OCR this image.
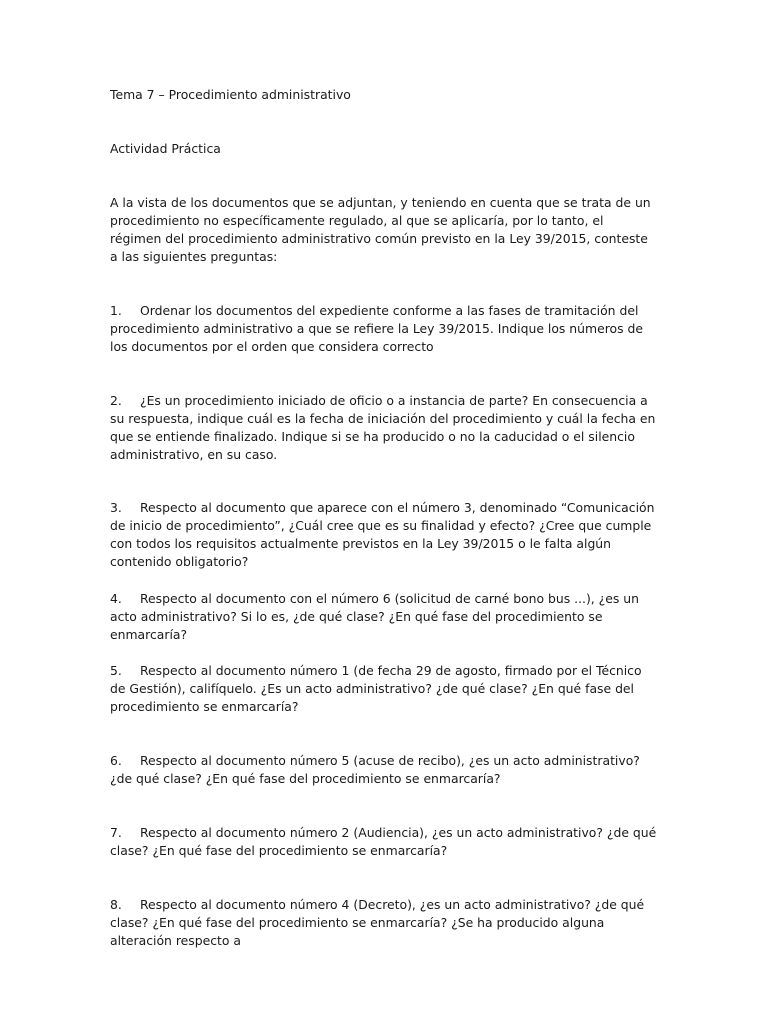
Tema 7 – Procedimiento administrativo
Actividad Práctica

A la vista de los documentos que se adjuntan, y teniendo en cuenta que se trata de un procedimiento no específicamente regulado, al que se aplicaría, por lo tanto, el régimen del procedimiento administrativo común previsto en la Ley 39/2015, conteste a las siguientes preguntas:

1. Ordenar los documentos del expediente conforme a las fases de tramitación del procedimiento administrativo a que se refiere la Ley 39/2015. Indique los números de los documentos por el orden que considera correcto

2. ¿Es un procedimiento iniciado de oficio o a instancia de parte? En consecuencia a su respuesta, indique cuál es la fecha de iniciación del procedimiento y cuál la fecha en que se entiende finalizado. Indique si se ha producido o no la caducidad o el silencio administrativo, en su caso.

3. Respecto al documento que aparece con el número 3, denominado “Comunicación de inicio de procedimiento”, ¿Cuál cree que es su finalidad y efecto? ¿Cree que cumple con todos los requisitos actualmente previstos en la Ley 39/2015 o le falta algún contenido obligatorio?

4. Respecto al documento con el número 6 (solicitud de carné bono bus ...), ¿es un acto administrativo? Si lo es, ¿de qué clase? ¿En qué fase del procedimiento se enmarcaría?

5. Respecto al documento número 1 (de fecha 29 de agosto, firmado por el Técnico de Gestión), califíquelo. ¿Es un acto administrativo? ¿de qué clase? ¿En qué fase del procedimiento se enmarcaría?

6. Respecto al documento número 5 (acuse de recibo), ¿es un acto administrativo? ¿de qué clase? ¿En qué fase del procedimiento se enmarcaría?

7. Respecto al documento número 2 (Audiencia), ¿es un acto administrativo? ¿de qué clase? ¿En qué fase del procedimiento se enmarcaría?

8. Respecto al documento número 4 (Decreto), ¿es un acto administrativo? ¿de qué clase? ¿En qué fase del procedimiento se enmarcaría? ¿Se ha producido alguna alteración respecto a
